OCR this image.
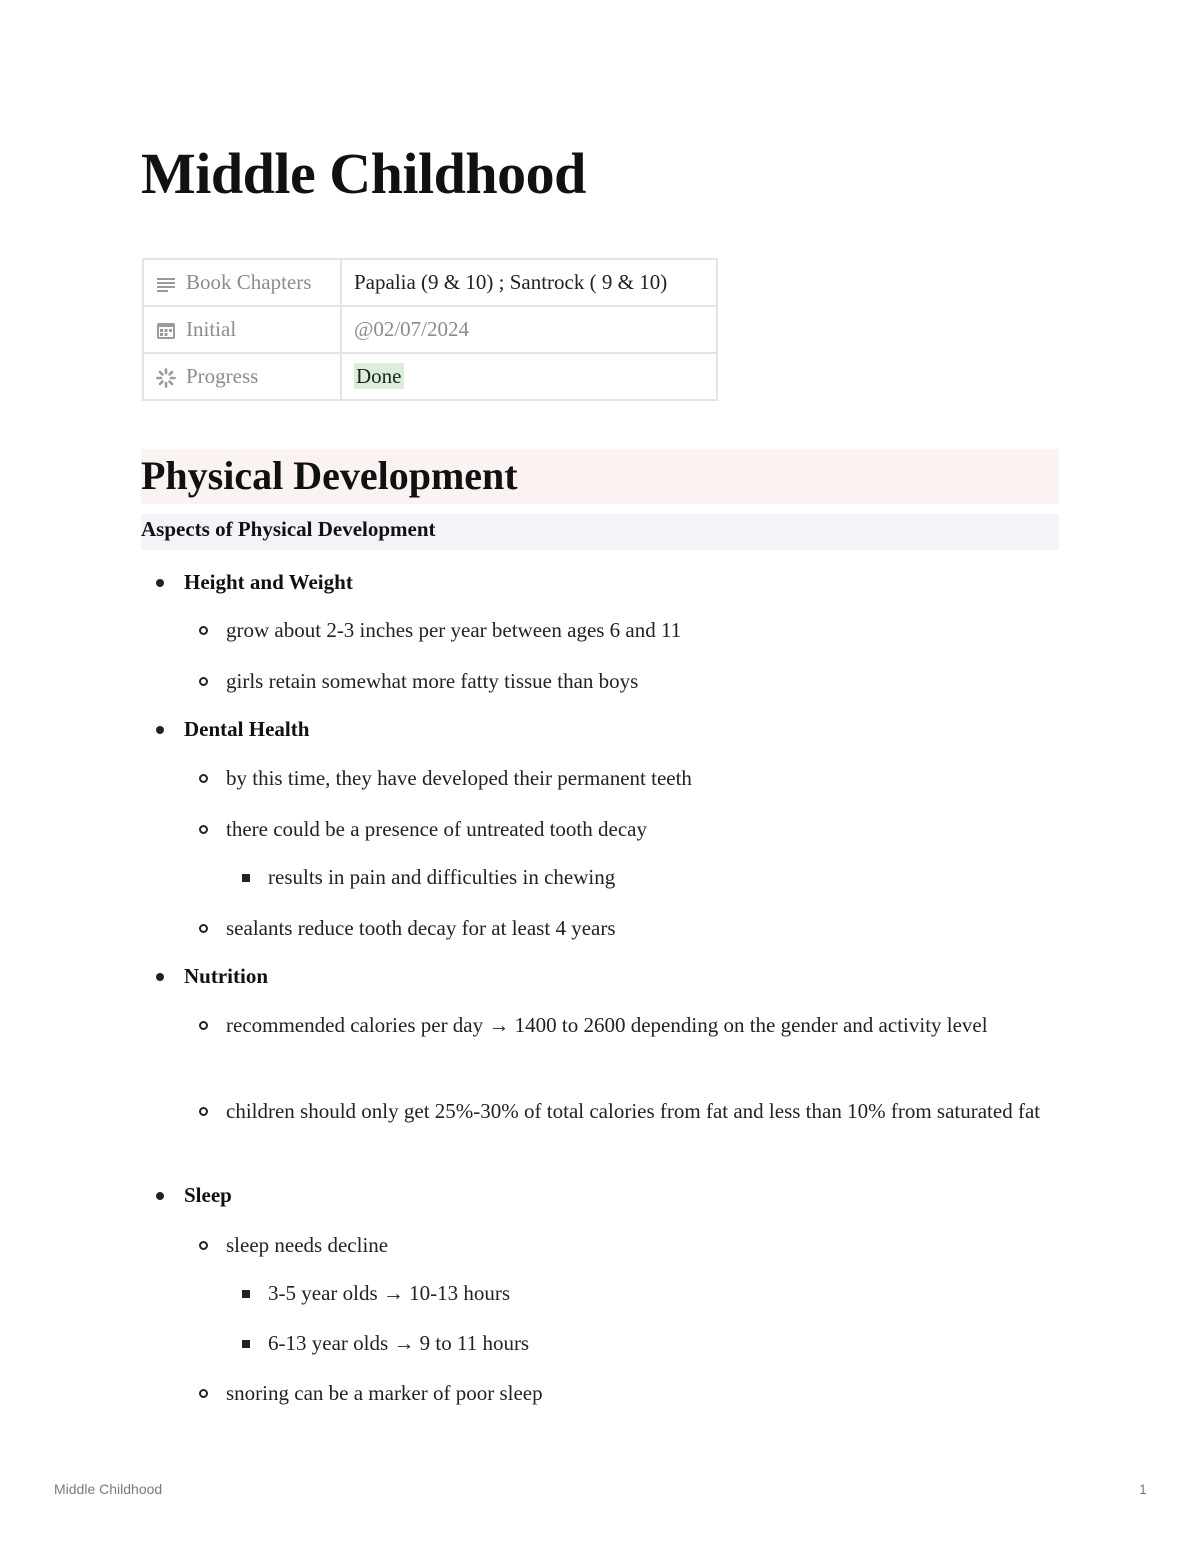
Middle Childhood
Book Chapters	Papalia (9 & 10) ; Santrock ( 9 & 10)

Initial	@02/07/2024

Progress	Done
Physical Development
Aspects of Physical Development
Height and Weight
grow about 2-3 inches per year between ages 6 and 11
girls retain somewhat more fatty tissue than boys
Dental Health
by this time, they have developed their permanent teeth
there could be a presence of untreated tooth decay
results in pain and difficulties in chewing
sealants reduce tooth decay for at least 4 years
Nutrition
recommended calories per day → 1400 to 2600 depending on the gender and activity level
children should only get 25%-30% of total calories from fat and less than 10% from saturated fat
Sleep
sleep needs decline
3-5 year olds → 10-13 hours
6-13 year olds → 9 to 11 hours
snoring can be a marker of poor sleep
Middle Childhood	1
